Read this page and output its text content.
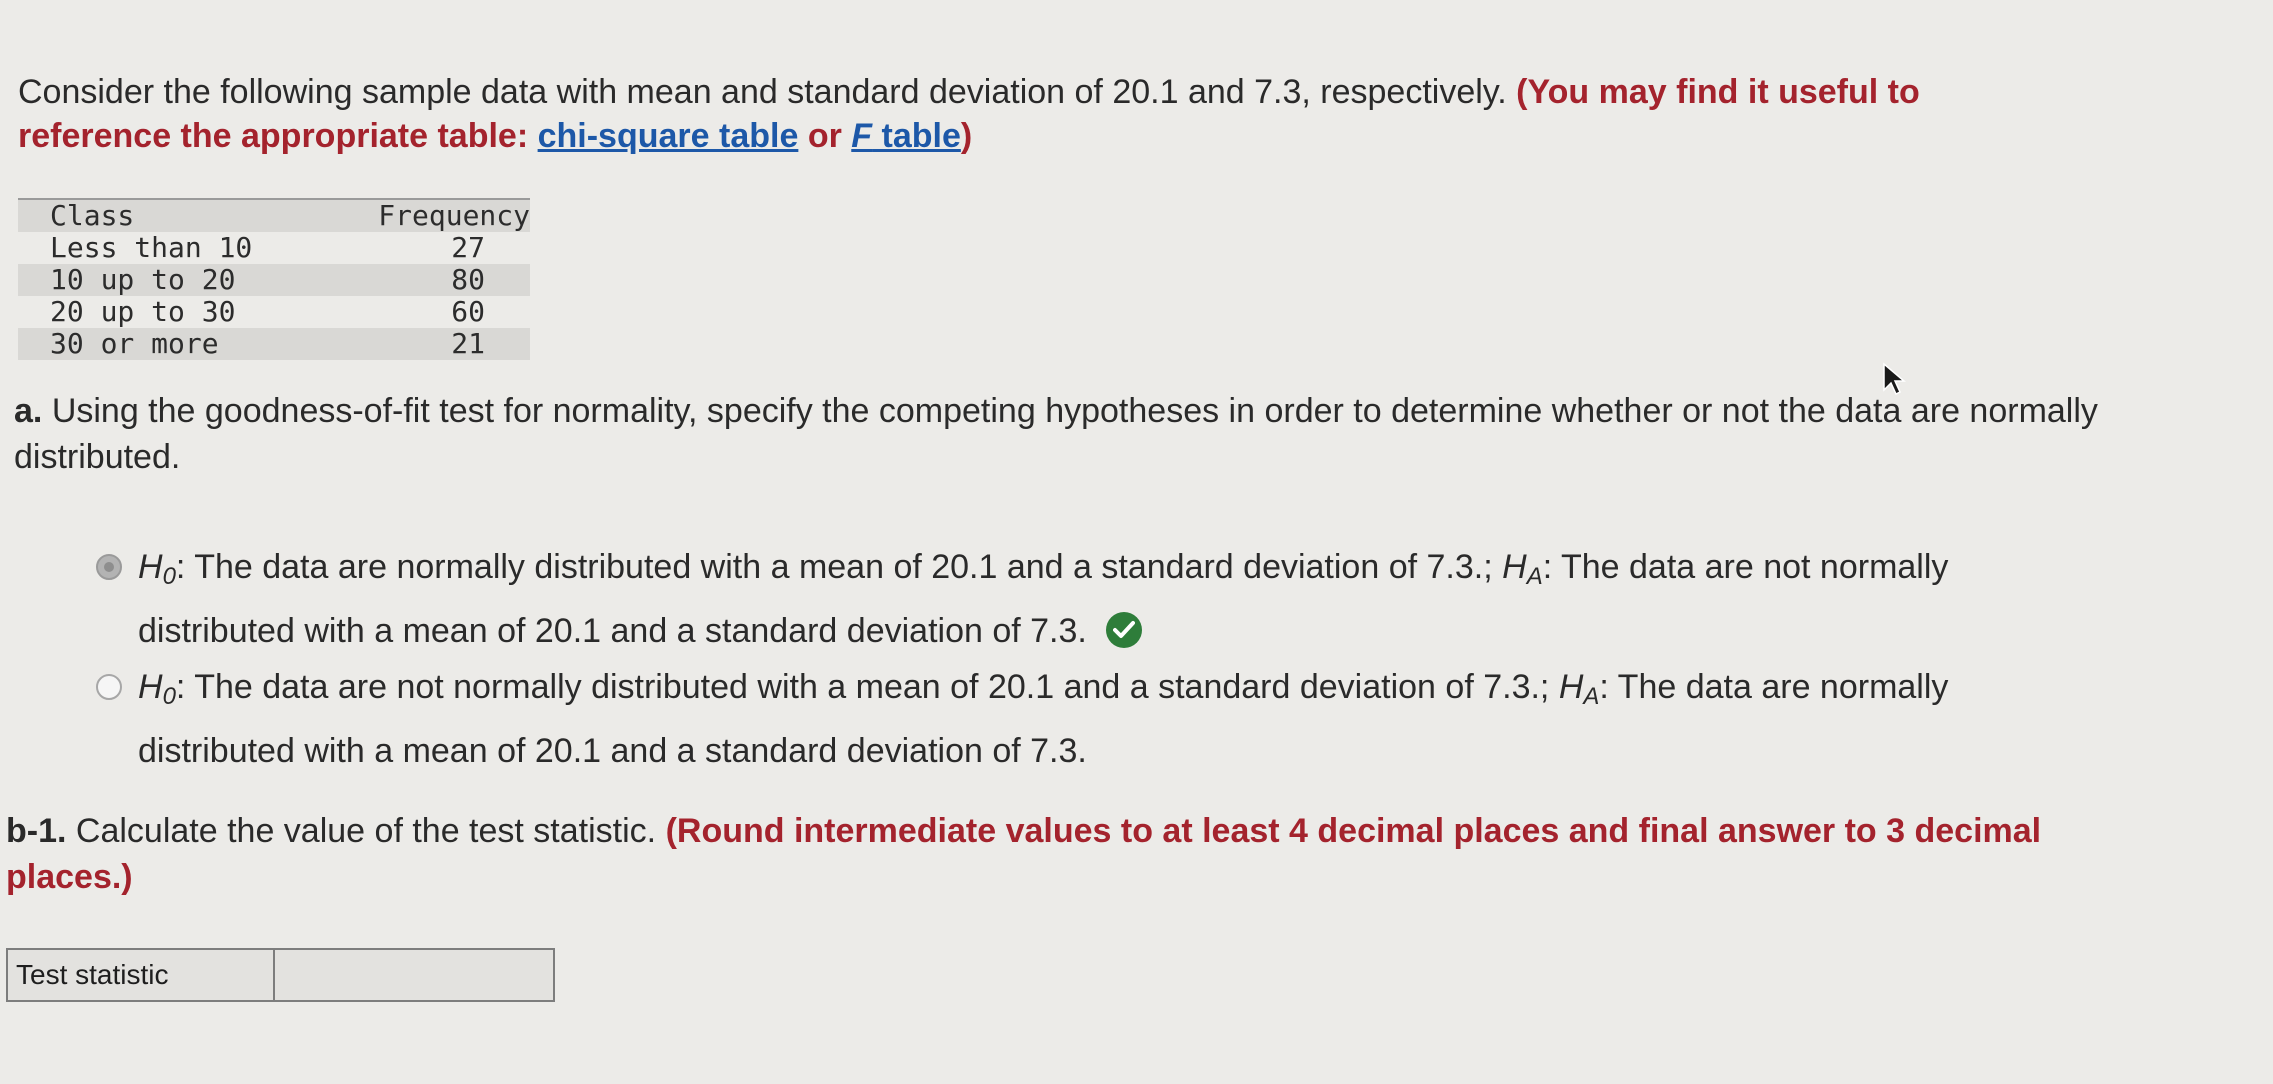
Consider the following sample data with mean and standard deviation of 20.1 and 7.3, respectively. (You may find it useful to reference the appropriate table: chi-square table or F table)
Class	Frequency
Less than 10	27
10 up to 20	80
20 up to 30	60
30 or more	21
a. Using the goodness-of-fit test for normality, specify the competing hypotheses in order to determine whether or not the data are normally distributed.
$H_0$: The data are normally distributed with a mean of 20.1 and a standard deviation of 7.3.; $H_A$: The data are not normally distributed with a mean of 20.1 and a standard deviation of 7.3.
$H_0$: The data are not normally distributed with a mean of 20.1 and a standard deviation of 7.3.; $H_A$: The data are normally distributed with a mean of 20.1 and a standard deviation of 7.3.
b-1. Calculate the value of the test statistic. (Round intermediate values to at least 4 decimal places and final answer to 3 decimal places.)
Test statistic	
